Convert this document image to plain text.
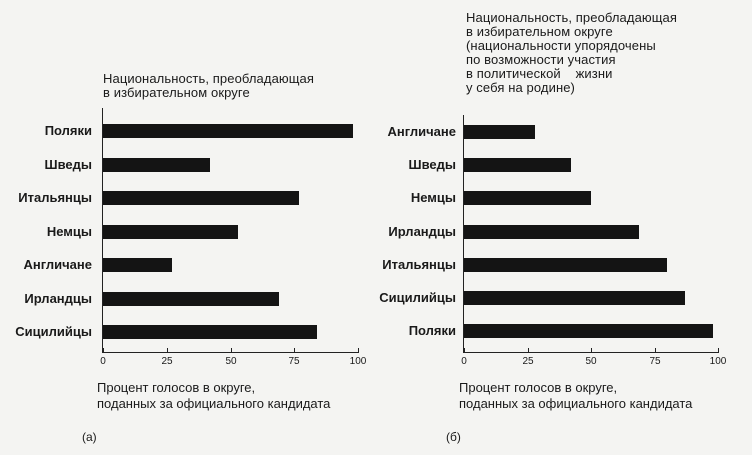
Национальность, преобладающая
в избирательном округе
0	25	50	75	100
Поляки
Шведы
Итальянцы
Немцы
Англичане
Ирландцы
Сицилийцы
Процент голосов в округе,
поданных за официального кандидата
(а)
Национальность, преобладающая
в избирательном округе
(национальности упорядочены
по возможности участия
в политической    жизни
у себя на родине)
0	25	50	75	100
Англичане
Шведы
Немцы
Ирландцы
Итальянцы
Сицилийцы
Поляки
Процент голосов в округе,
поданных за официального кандидата
(б)
